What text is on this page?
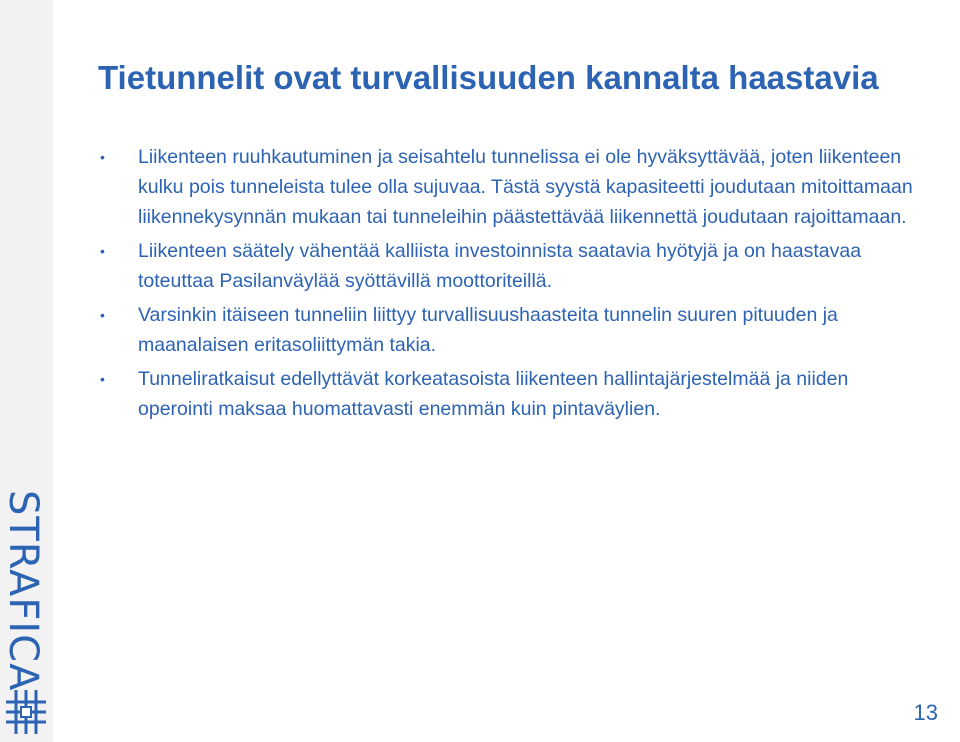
STRAFICA
Tietunnelit ovat turvallisuuden kannalta haastavia
• Liikenteen ruuhkautuminen ja seisahtelu tunnelissa ei ole hyväksyttävää, joten liikenteen kulku pois tunneleista tulee olla sujuvaa. Tästä syystä kapasiteetti joudutaan mitoittamaan liikennekysynnän mukaan tai tunneleihin päästettävää liikennettä joudutaan rajoittamaan.
• Liikenteen säätely vähentää kalliista investoinnista saatavia hyötyjä ja on haastavaa toteuttaa Pasilanväylää syöttävillä moottoriteillä.
• Varsinkin itäiseen tunneliin liittyy turvallisuushaasteita tunnelin suuren pituuden ja maanalaisen eritasoliittymän takia.
• Tunneliratkaisut edellyttävät korkeatasoista liikenteen hallintajärjestelmää ja niiden operointi maksaa huomattavasti enemmän kuin pintaväylien.
13
